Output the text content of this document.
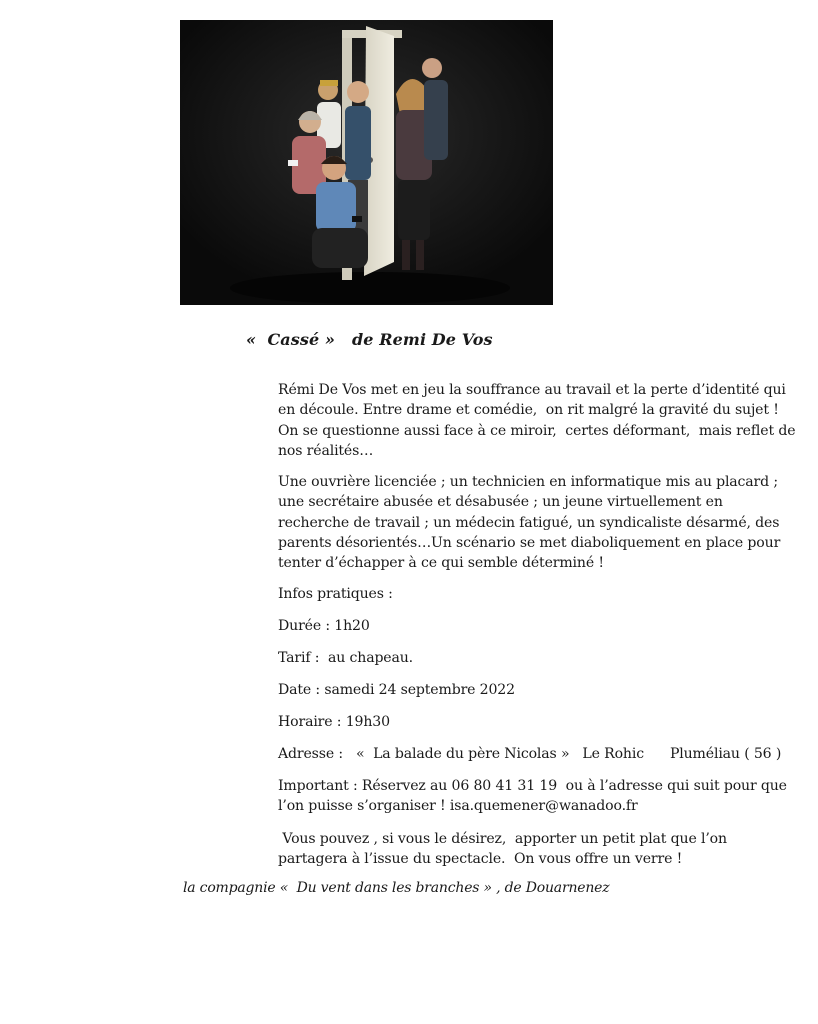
«  Cassé »   de Remi De Vos
Rémi De Vos met en jeu la souffrance au travail et la perte d’identité qui
en découle. Entre drame et comédie,  on rit malgré la gravité du sujet !
On se questionne aussi face à ce miroir,  certes déformant,  mais reflet de
nos réalités…
Une ouvrière licenciée ; un technicien en informatique mis au placard ;
une secrétaire abusée et désabusée ; un jeune virtuellement en
recherche de travail ; un médecin fatigué, un syndicaliste désarmé, des
parents désorientés…Un scénario se met diaboliquement en place pour
tenter d’échapper à ce qui semble déterminé !
Infos pratiques :
Durée : 1h20
Tarif :  au chapeau.
Date : samedi 24 septembre 2022
Horaire : 19h30
Adresse :   «  La balade du père Nicolas »   Le Rohic      Pluméliau ( 56 )
Important : Réservez au 06 80 41 31 19  ou à l’adresse qui suit pour que
l’on puisse s’organiser ! isa.quemener@wanadoo.fr
Vous pouvez , si vous le désirez,  apporter un petit plat que l’on
partagera à l’issue du spectacle.  On vous offre un verre !
la compagnie «  Du vent dans les branches » , de Douarnenez
